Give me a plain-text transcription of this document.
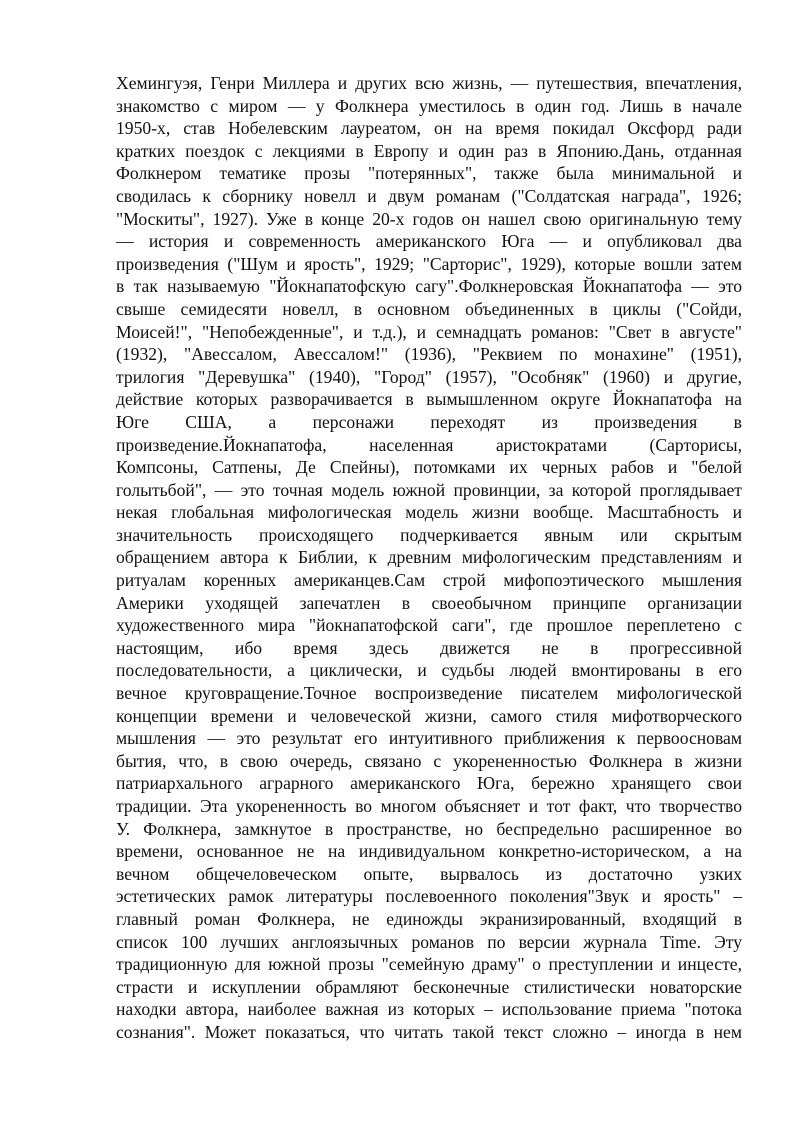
Хемингуэя, Генри Миллера и других всю жизнь, — путешествия, впечатления,
знакомство с миром — у Фолкнера уместилось в один год. Лишь в начале
1950-х, став Нобелевским лауреатом, он на время покидал Оксфорд ради
кратких поездок с лекциями в Европу и один раз в Японию.Дань, отданная
Фолкнером тематике прозы "потерянных", также была минимальной и
сводилась к сборнику новелл и двум романам ("Солдатская награда", 1926;
"Москиты", 1927). Уже в конце 20-х годов он нашел свою оригинальную тему
— история и современность американского Юга — и опубликовал два
произведения ("Шум и ярость", 1929; "Сарторис", 1929), которые вошли затем
в так называемую "Йокнапатофскую сагу".Фолкнеровская Йокнапатофа — это
свыше семидесяти новелл, в основном объединенных в циклы ("Сойди,
Моисей!", "Непобежденные", и т.д.), и семнадцать романов: "Свет в августе"
(1932), "Авессалом, Авессалом!" (1936), "Реквием по монахине" (1951),
трилогия "Деревушка" (1940), "Город" (1957), "Особняк" (1960) и другие,
действие которых разворачивается в вымышленном округе Йокнапатофа на
Юге США, а персонажи переходят из произведения в
произведение.Йокнапатофа, населенная аристократами (Сарторисы,
Компсоны, Сатпены, Де Спейны), потомками их черных рабов и "белой
голытьбой", — это точная модель южной провинции, за которой проглядывает
некая глобальная мифологическая модель жизни вообще. Масштабность и
значительность происходящего подчеркивается явным или скрытым
обращением автора к Библии, к древним мифологическим представлениям и
ритуалам коренных американцев.Сам строй мифопоэтического мышления
Америки уходящей запечатлен в своеобычном принципе организации
художественного мира "йокнапатофской саги", где прошлое переплетено с
настоящим, ибо время здесь движется не в прогрессивной
последовательности, а циклически, и судьбы людей вмонтированы в его
вечное круговращение.Точное воспроизведение писателем мифологической
концепции времени и человеческой жизни, самого стиля мифотворческого
мышления — это результат его интуитивного приближения к первоосновам
бытия, что, в свою очередь, связано с укорененностью Фолкнера в жизни
патриархального аграрного американского Юга, бережно хранящего свои
традиции. Эта укорененность во многом объясняет и тот факт, что творчество
У. Фолкнера, замкнутое в пространстве, но беспредельно расширенное во
времени, основанное не на индивидуальном конкретно-историческом, а на
вечном общечеловеческом опыте, вырвалось из достаточно узких
эстетических рамок литературы послевоенного поколения"Звук и ярость" –
главный роман Фолкнера, не единожды экранизированный, входящий в
список 100 лучших англоязычных романов по версии журнала Time. Эту
традиционную для южной прозы "семейную драму" о преступлении и инцесте,
страсти и искуплении обрамляют бесконечные стилистически новаторские
находки автора, наиболее важная из которых – использование приема "потока
сознания". Может показаться, что читать такой текст сложно – иногда в нем
